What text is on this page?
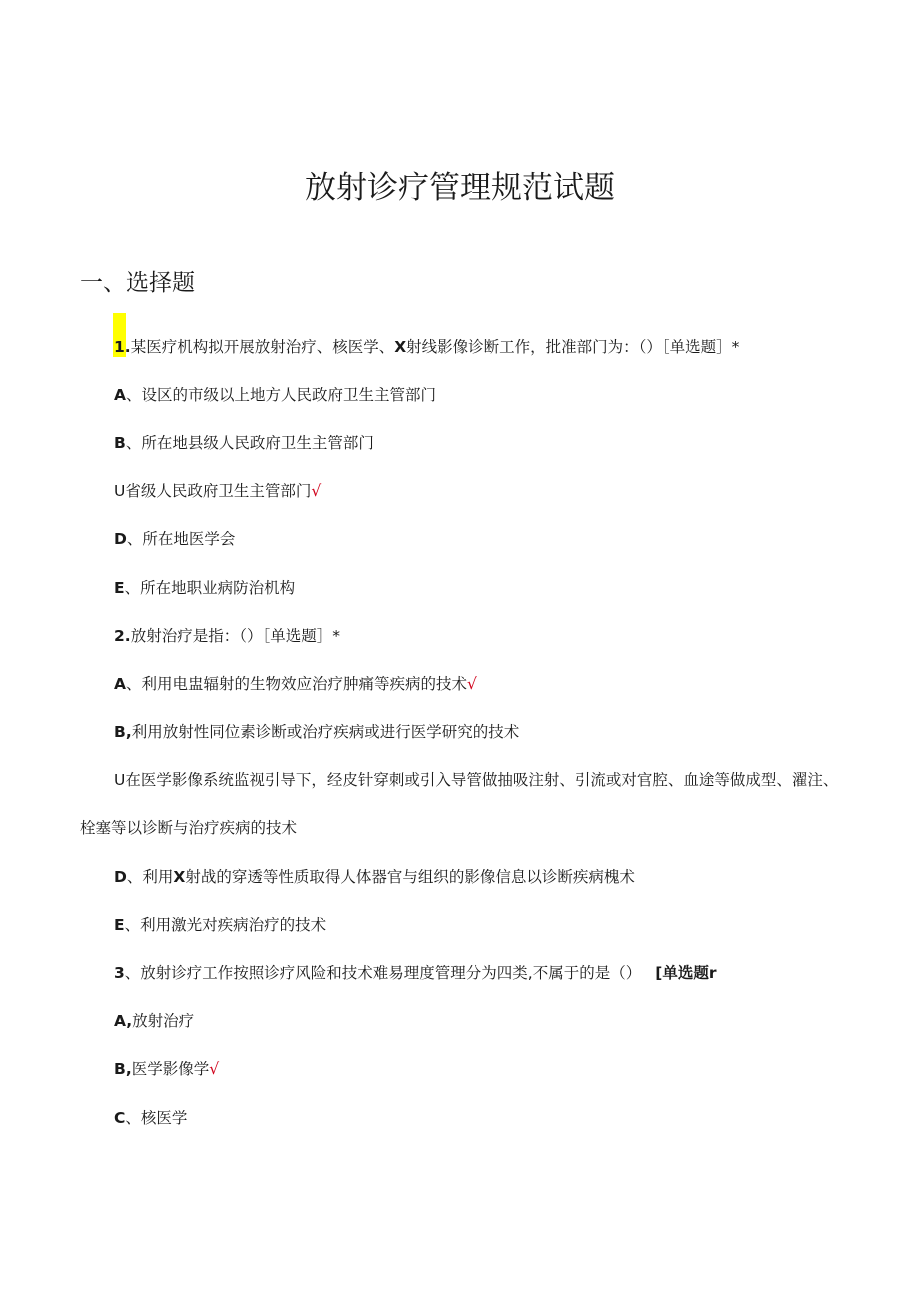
放射诊疗管理规范试题
一、选择题
1.某医疗机构拟开展放射治疗、核医学、X射线影像诊断工作，批准部门为：（）［单选题］*
A、设区的市级以上地方人民政府卫生主管部门
B、所在地县级人民政府卫生主管部门
U省级人民政府卫生主管部门√
D、所在地医学会
E、所在地职业病防治机构
2.放射治疗是指：（）［单选题］*
A、利用电盅辐射的生物效应治疗肿痛等疾病的技术√
B,利用放射性同位素诊断或治疗疾病或进行医学研究的技术
U在医学影像系统监视引导下，经皮针穿刺或引入导管做抽吸注射、引流或对官腔、血途等做成型、濯注、
栓塞等以诊断与治疗疾病的技术
D、利用X射战的穿透等性质取得人体器官与组织的影像信息以诊断疾病槐术
E、利用激光对疾病治疗的技术
3、放射诊疗工作按照诊疗风险和技术难易理度管理分为四类,不属于的是（） [单选题r
A,放射治疗
B,医学影像学√
C、核医学
